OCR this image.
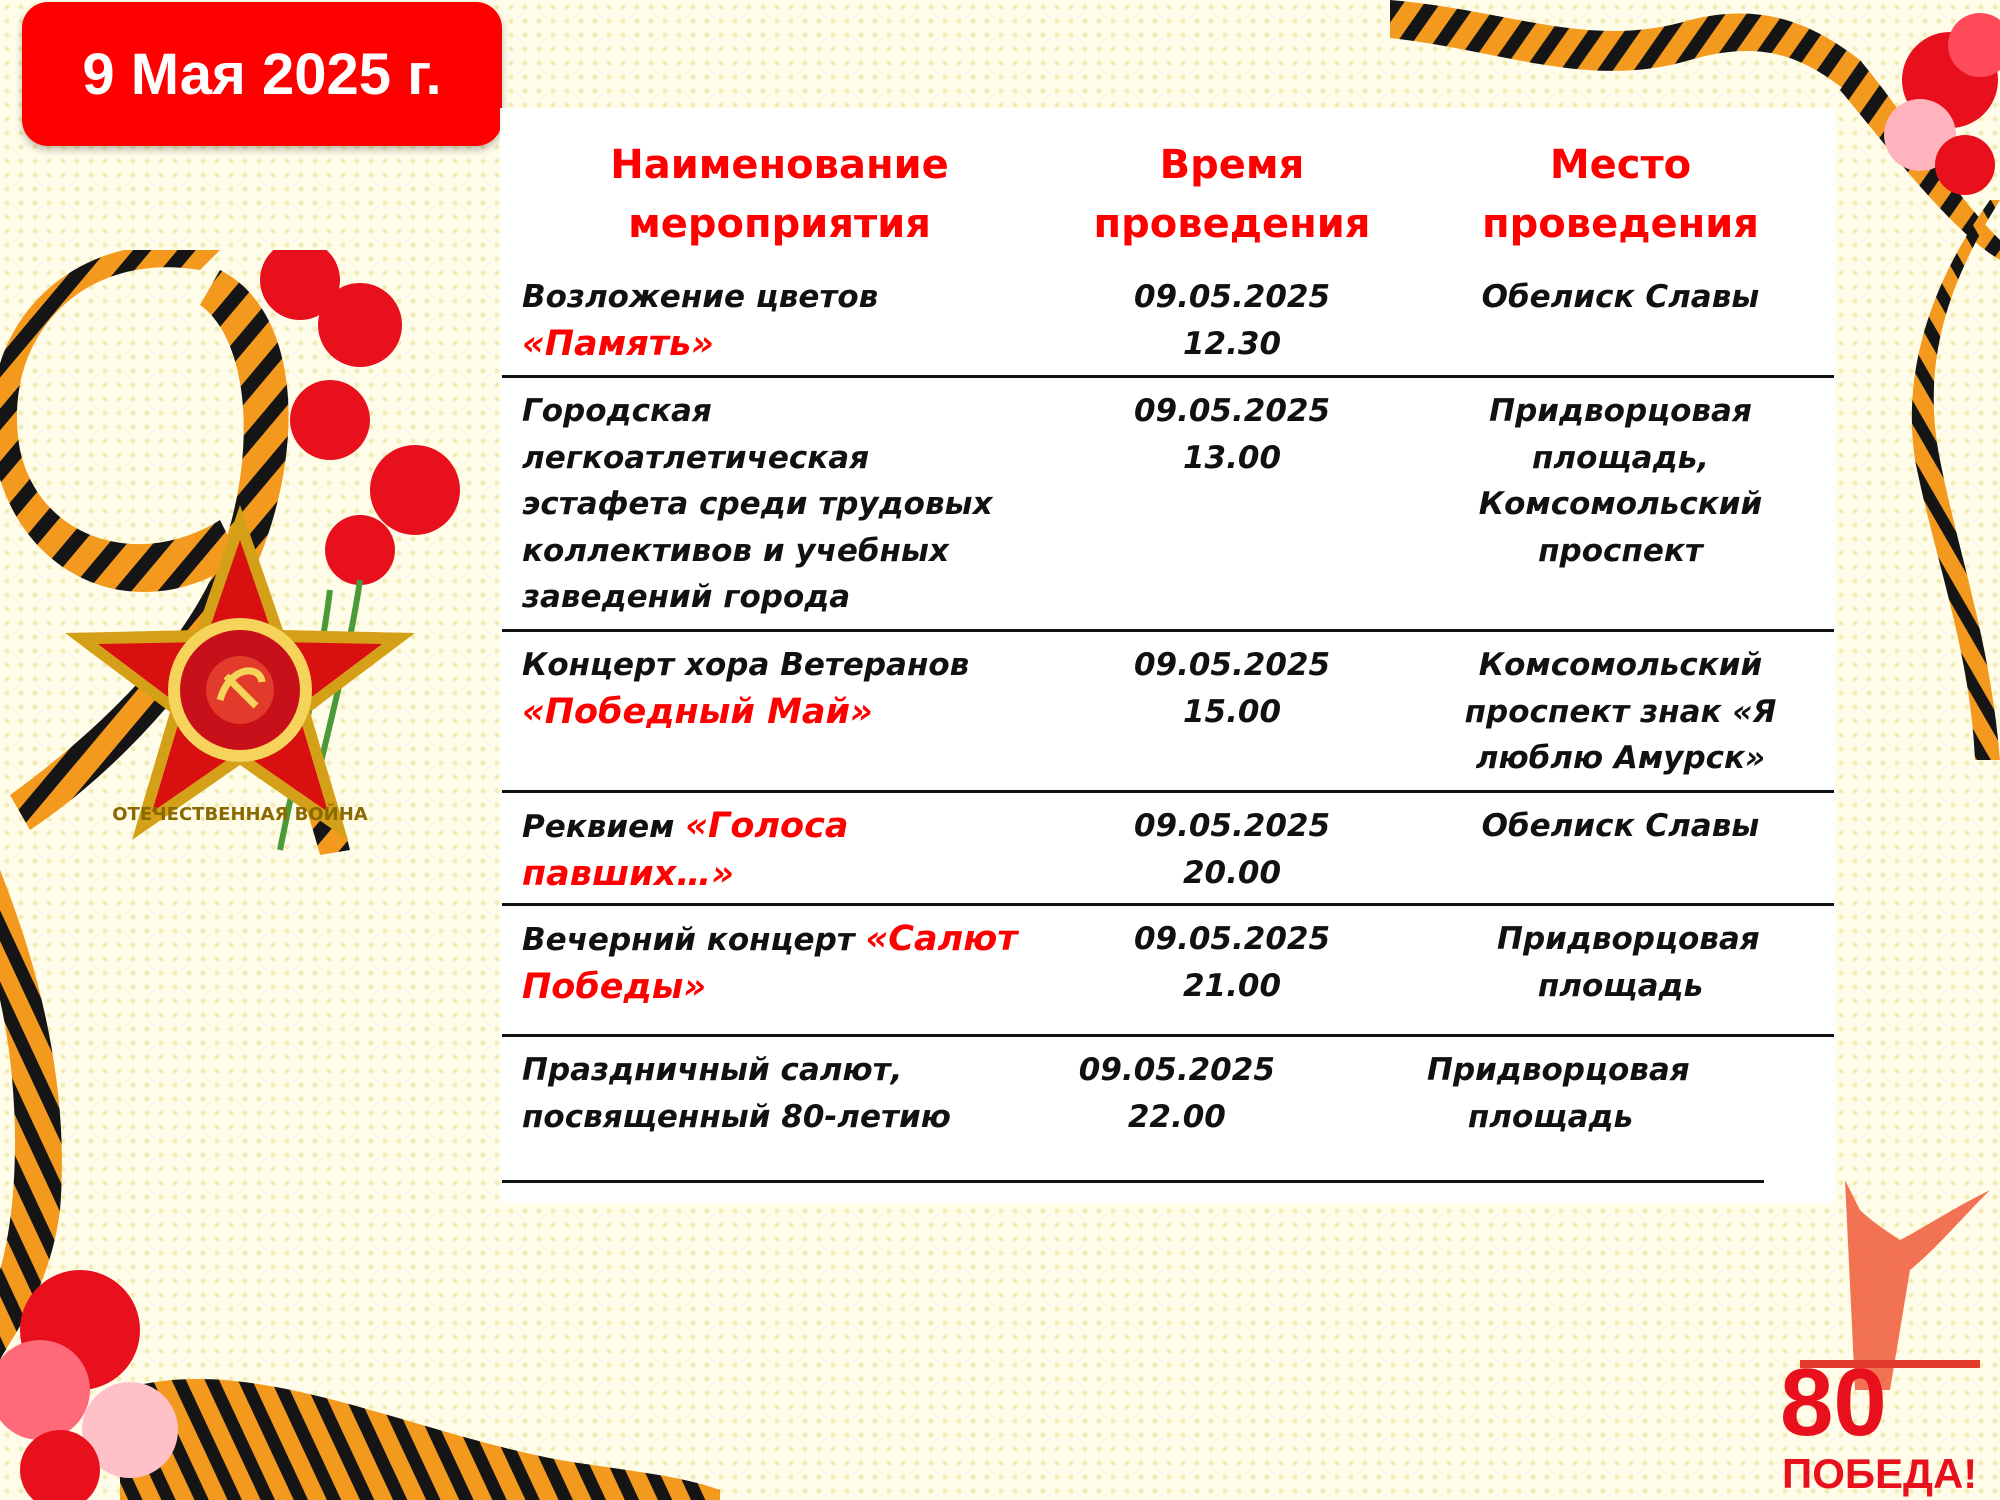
9 Мая 2025 г.
ОТЕЧЕСТВЕННАЯ ВОЙНА
80
ПОБЕДА!
Наименование
мероприятия
Время
проведения
Место
проведения
Возложение цветов
«Память»
09.05.2025
12.30
Обелиск Славы
Городская легкоатлетическая эстафета среди трудовых коллективов и учебных заведений города
09.05.2025
13.00
Придворцовая площадь, Комсомольский проспект
Концерт хора Ветеранов
«Победный Май»
09.05.2025
15.00
Комсомольский проспект знак «Я люблю Амурск»
Реквием «Голоса павших…»
09.05.2025
20.00
Обелиск Славы
Вечерний концерт «Салют Победы»
09.05.2025
21.00
Придворцовая площадь
Праздничный салют, посвященный 80-летию
09.05.2025
22.00
Придворцовая площадь
